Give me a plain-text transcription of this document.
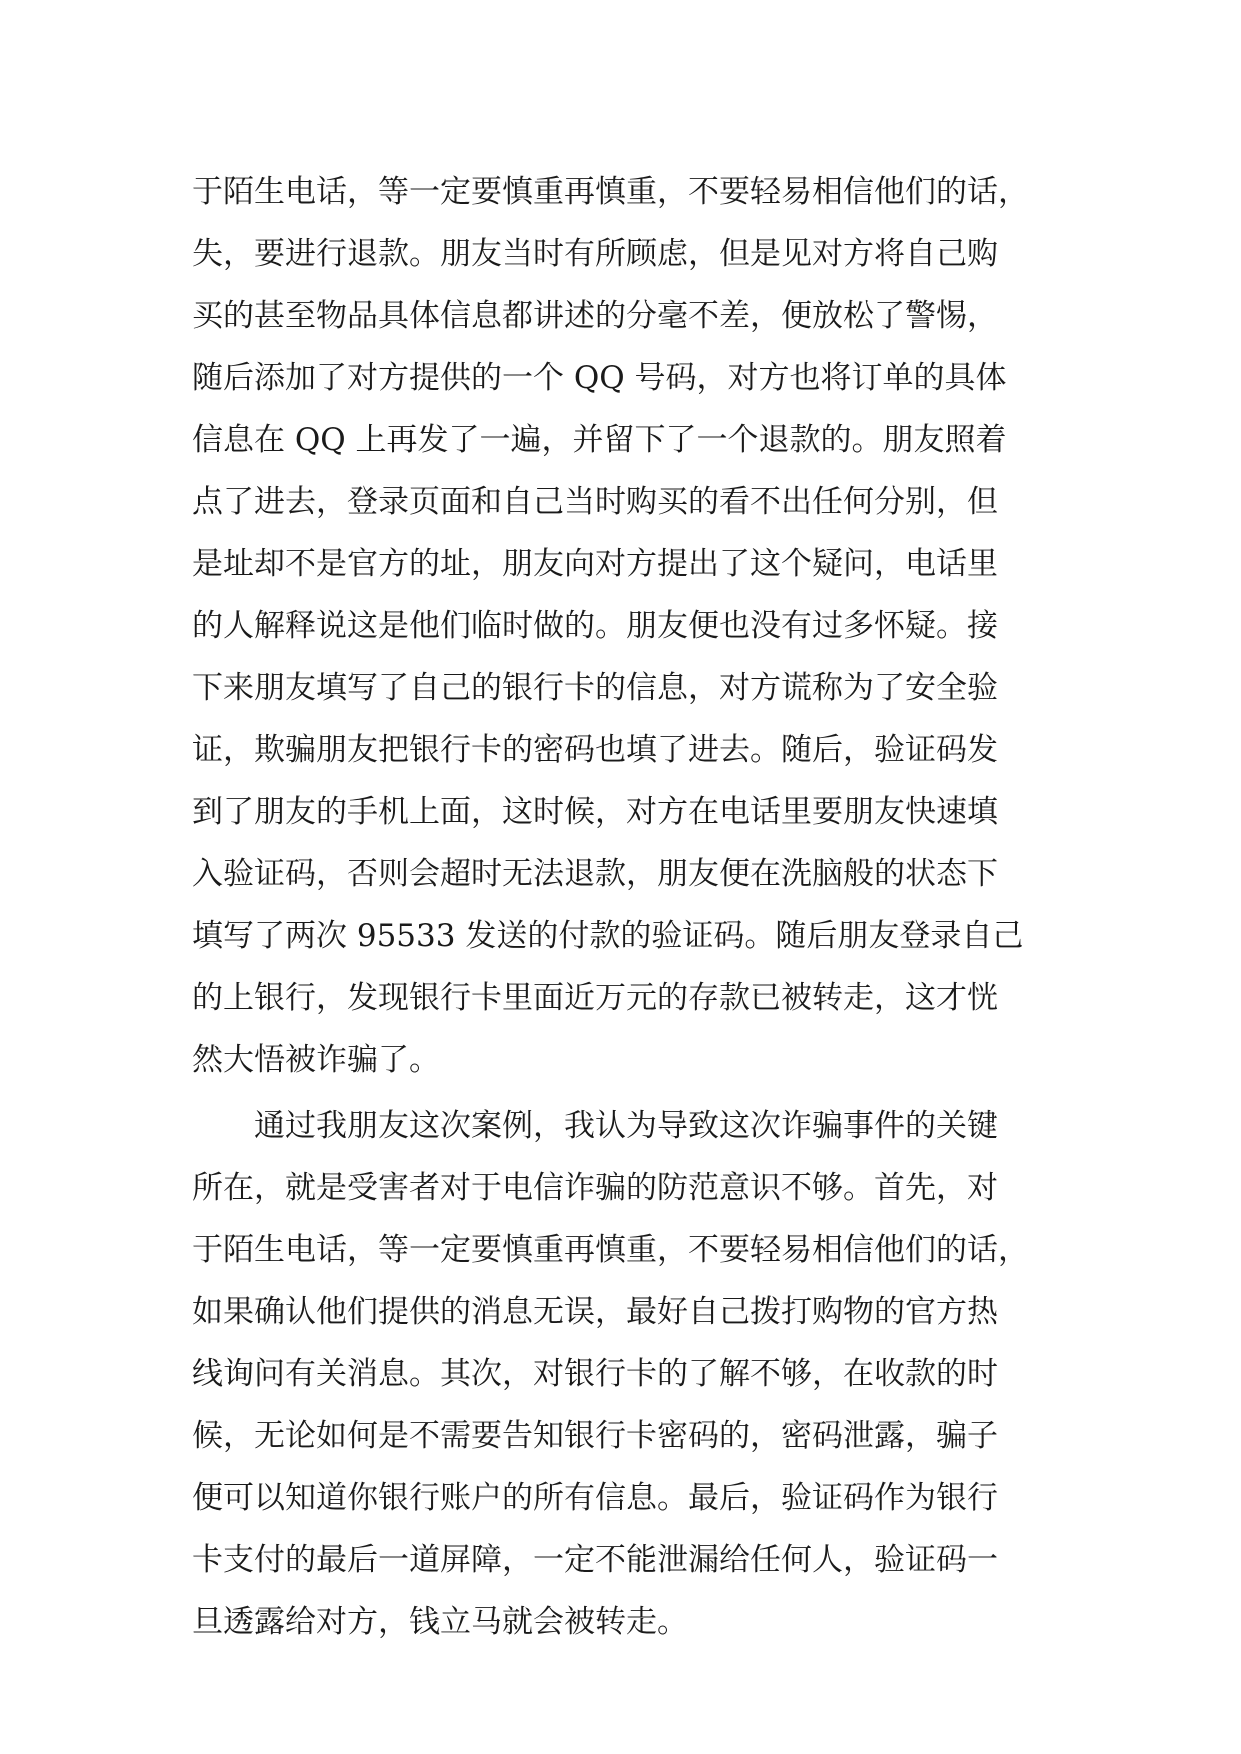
于陌生电话，等一定要慎重再慎重，不要轻易相信他们的话，
失，要进行退款。朋友当时有所顾虑，但是见对方将自己购
买的甚至物品具体信息都讲述的分毫不差，便放松了警惕，
随后添加了对方提供的一个 QQ 号码，对方也将订单的具体
信息在 QQ 上再发了一遍，并留下了一个退款的。朋友照着
点了进去，登录页面和自己当时购买的看不出任何分别，但
是址却不是官方的址，朋友向对方提出了这个疑问，电话里
的人解释说这是他们临时做的。朋友便也没有过多怀疑。接
下来朋友填写了自己的银行卡的信息，对方谎称为了安全验
证，欺骗朋友把银行卡的密码也填了进去。随后，验证码发
到了朋友的手机上面，这时候，对方在电话里要朋友快速填
入验证码，否则会超时无法退款，朋友便在洗脑般的状态下
填写了两次 95533 发送的付款的验证码。随后朋友登录自己
的上银行，发现银行卡里面近万元的存款已被转走，这才恍
然大悟被诈骗了。
通过我朋友这次案例，我认为导致这次诈骗事件的关键
所在，就是受害者对于电信诈骗的防范意识不够。首先，对
于陌生电话，等一定要慎重再慎重，不要轻易相信他们的话，
如果确认他们提供的消息无误，最好自己拨打购物的官方热
线询问有关消息。其次，对银行卡的了解不够，在收款的时
候，无论如何是不需要告知银行卡密码的，密码泄露，骗子
便可以知道你银行账户的所有信息。最后，验证码作为银行
卡支付的最后一道屏障，一定不能泄漏给任何人，验证码一
旦透露给对方，钱立马就会被转走。
